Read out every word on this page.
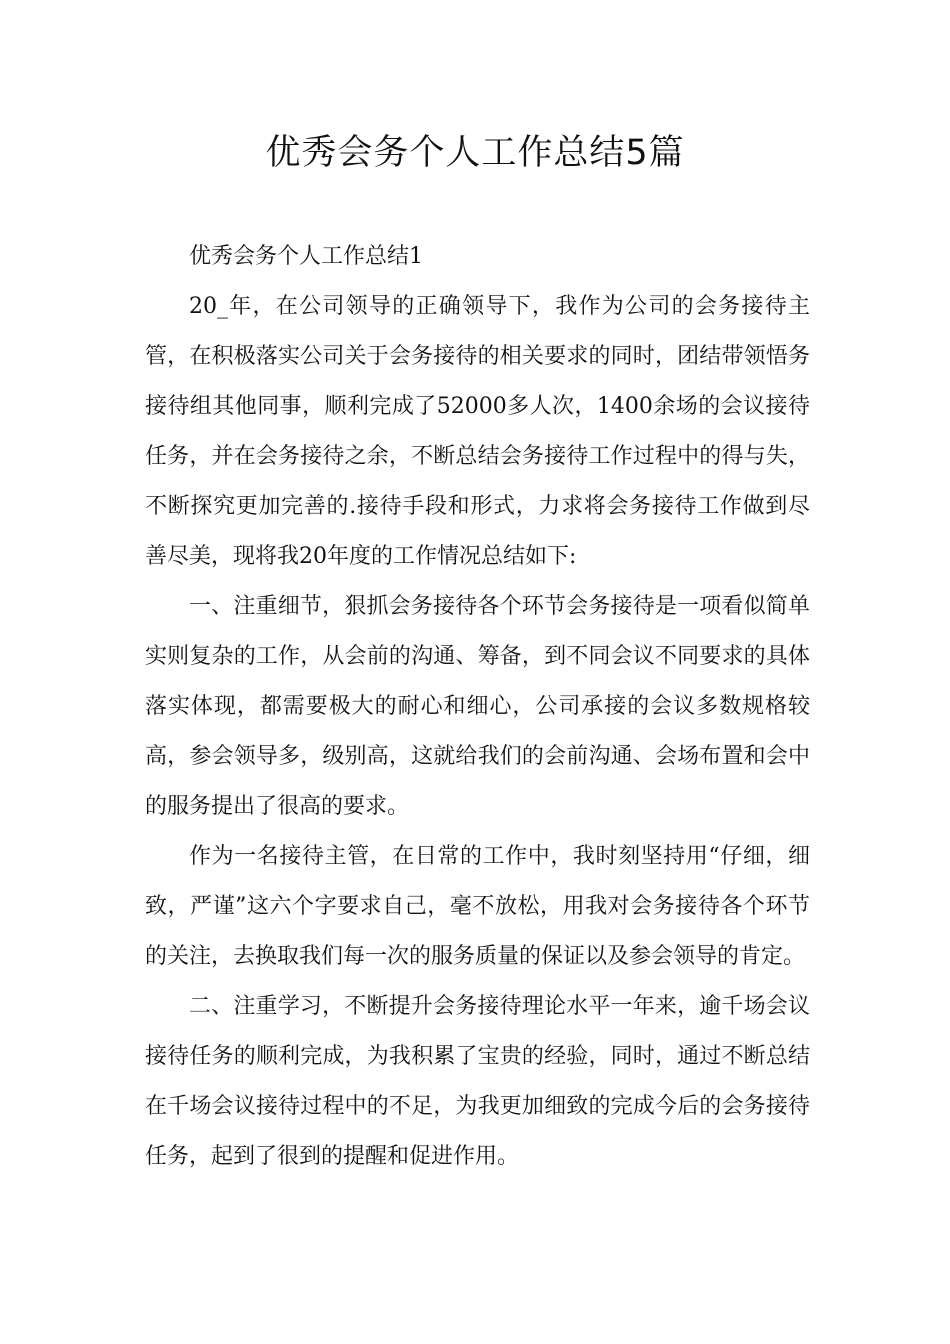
优秀会务个人工作总结5篇

优秀会务个人工作总结1

20_年，在公司领导的正确领导下，我作为公司的会务接待主管，在积极落实公司关于会务接待的相关要求的同时，团结带领悟务接待组其他同事，顺利完成了52000多人次，1400余场的会议接待任务，并在会务接待之余，不断总结会务接待工作过程中的得与失，不断探究更加完善的.接待手段和形式，力求将会务接待工作做到尽善尽美，现将我20年度的工作情况总结如下:

一、注重细节，狠抓会务接待各个环节会务接待是一项看似简单实则复杂的工作，从会前的沟通、筹备，到不同会议不同要求的具体落实体现，都需要极大的耐心和细心，公司承接的会议多数规格较高，参会领导多，级别高，这就给我们的会前沟通、会场布置和会中的服务提出了很高的要求。

作为一名接待主管，在日常的工作中，我时刻坚持用“仔细，细致，严谨”这六个字要求自己，毫不放松，用我对会务接待各个环节的关注，去换取我们每一次的服务质量的保证以及参会领导的肯定。

二、注重学习，不断提升会务接待理论水平一年来，逾千场会议接待任务的顺利完成，为我积累了宝贵的经验，同时，通过不断总结在千场会议接待过程中的不足，为我更加细致的完成今后的会务接待任务，起到了很到的提醒和促进作用。
